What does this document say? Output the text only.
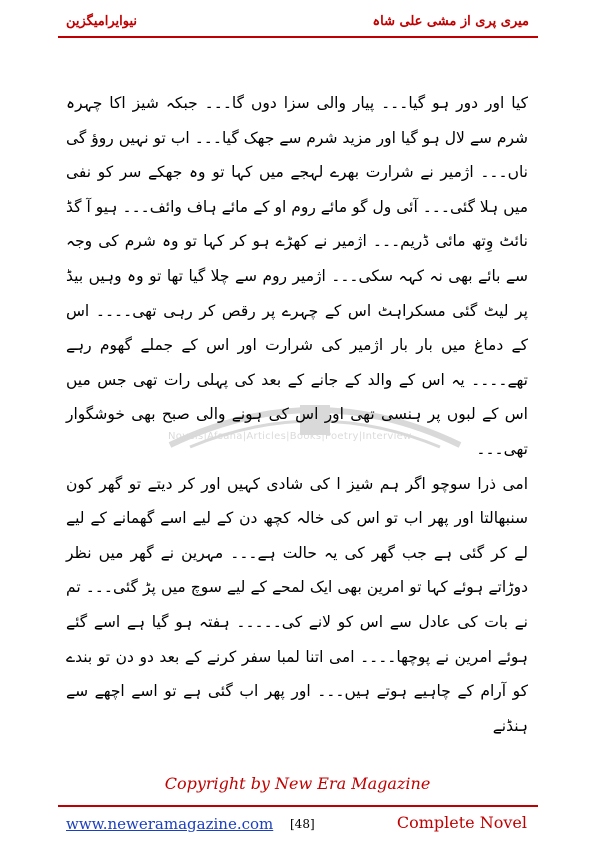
نیوایرامیگزین	میری پری از مشی علی شاہ
Novels|Afsana|Articles|Books|Poetry|Interview

کیا اور دور ہو گیا۔۔۔ پیار والی سزا دوں گا۔۔۔ جبکہ شیز اکا چہرہ شرم سے لال ہو گیا اور مزید شرم سے جھک گیا۔۔۔ اب تو نہیں روؤ گی ناں۔۔۔ اژمیر نے شرارت بھرے لہجے میں کہا تو وہ جھکے سر کو نفی میں ہلا گئی۔۔۔ آئی ول گو مائے روم او کے مائے ہاف وائف۔۔۔ ہیو آ گڈ نائٹ وِتھ مائی ڈریم۔۔۔ اژمیر نے کھڑے ہو کر کہا تو وہ شرم کی وجہ سے بائے بھی نہ کہہ سکی۔۔۔ اژمیر روم سے چلا گیا تھا تو وہ وہیں بیڈ پر لیٹ گئی مسکراہٹ اس کے چہرے پر رقص کر رہی تھی۔۔۔۔ اس کے دماغ میں بار بار اژمیر کی شرارت اور اس کے جملے گھوم رہے تھے۔۔۔۔ یہ اس کے والد کے جانے کے بعد کی پہلی رات تھی جس میں اس کے لبوں پر ہنسی تھی اور اس کی ہونے والی صبح بھی خوشگوار تھی۔۔۔

امی ذرا سوچو اگر ہم شیز ا کی شادی کہیں اور کر دیتے تو گھر کون سنبھالتا اور پھر اب تو اس کی خالہ کچھ دن کے لیے اسے گھمانے کے لیے لے کر گئی ہے جب گھر کی یہ حالت ہے۔۔۔ مہرین نے گھر میں نظر دوڑاتے ہوئے کہا تو امرین بھی ایک لمحے کے لیے سوچ میں پڑ گئی۔۔۔ تم نے بات کی عادل سے اس کو لانے کی۔۔۔۔۔ ہفتہ ہو گیا ہے اسے گئے ہوئے امرین نے پوچھا۔۔۔۔ امی اتنا لمبا سفر کرنے کے بعد دو دن تو بندے کو آرام کے چاہیے ہوتے ہیں۔۔۔ اور پھر اب گئی ہے تو اسے اچھے سے ہنڈنے

Copyright by New Era Magazine
www.neweramagazine.com [48]	Complete Novel
